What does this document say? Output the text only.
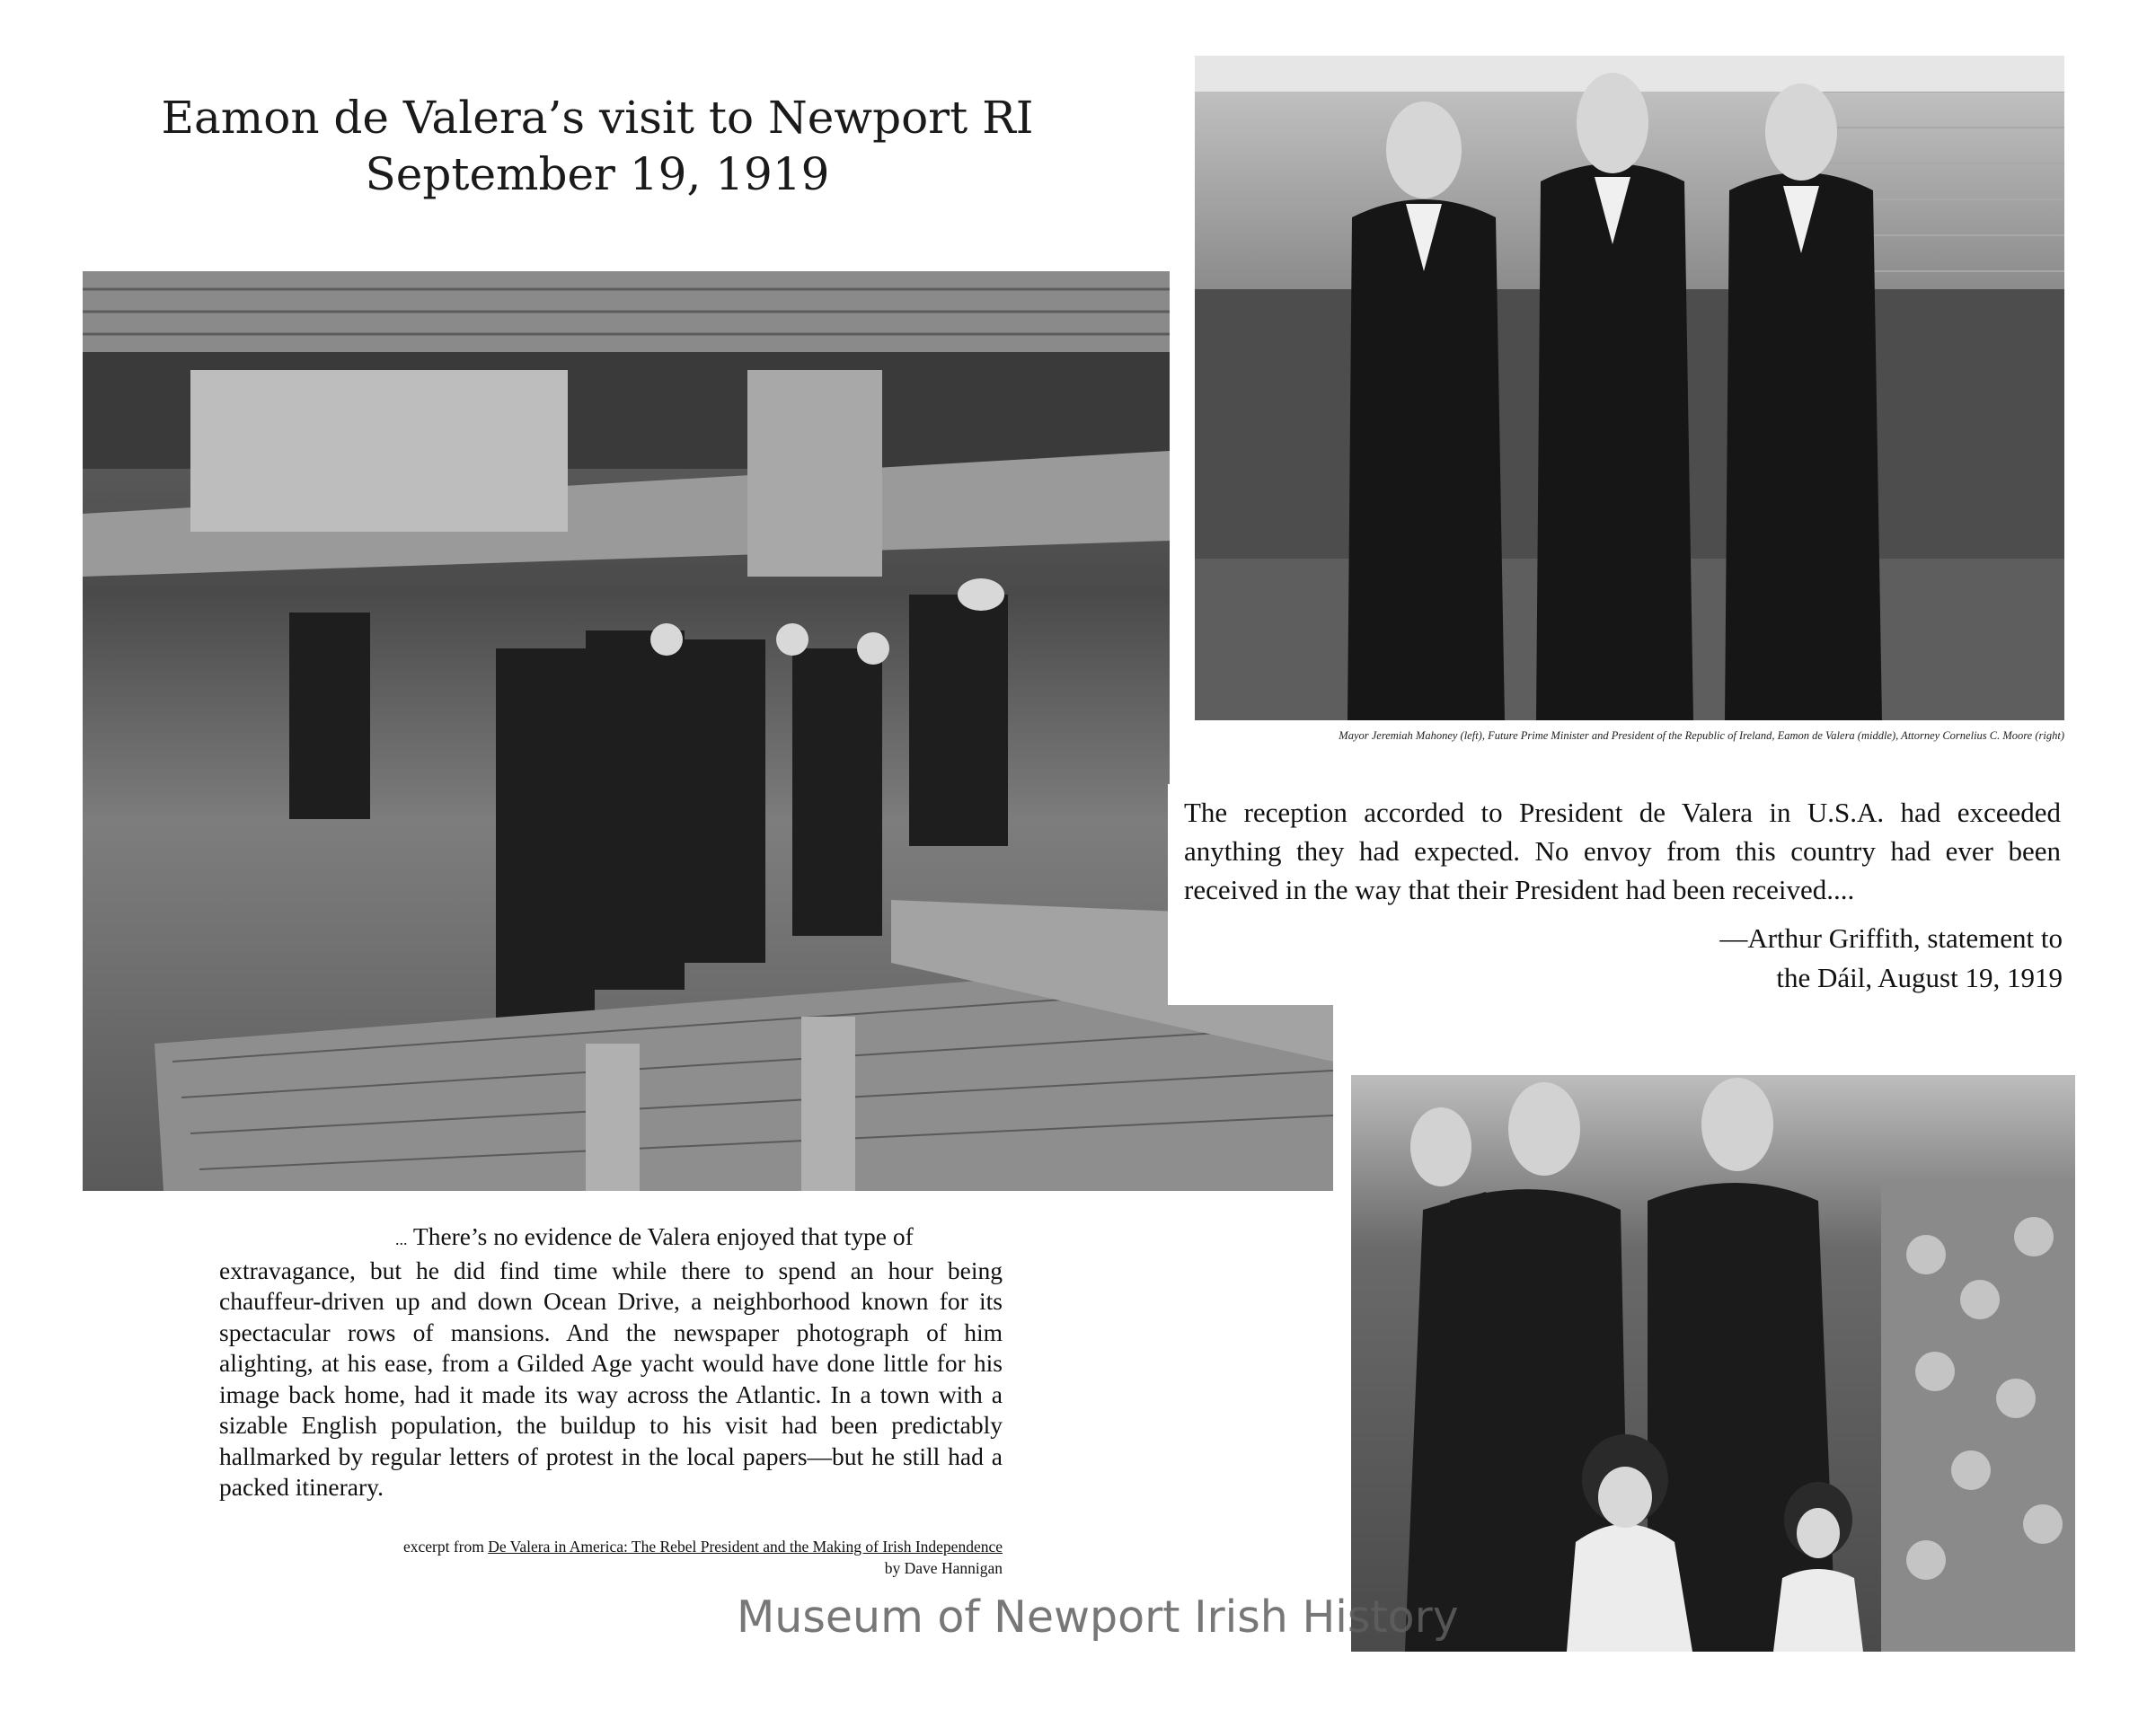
Eamon de Valera’s visit to Newport RI
September 19, 1919
Mayor Jeremiah Mahoney (left), Future Prime Minister and President of the Republic of Ireland, Eamon de Valera (middle), Attorney Cornelius C. Moore (right)
The reception accorded to President de Valera in U.S.A. had exceeded anything they had expected. No envoy from this country had ever been received in the way that their President had been received....
—Arthur Griffith, statement to
the Dáil, August 19, 1919
... There’s no evidence de Valera enjoyed that type of
extravagance, but he did find time while there to spend an hour being chauffeur-driven up and down Ocean Drive, a neighborhood known for its spectacular rows of mansions. And the newspaper photograph of him alighting, at his ease, from a Gilded Age yacht would have done little for his image back home, had it made its way across the Atlantic. In a town with a sizable English population, the buildup to his visit had been predictably hallmarked by regular letters of protest in the local papers—but he still had a packed itinerary.
excerpt from De Valera in America: The Rebel President and the Making of Irish Independence
by Dave Hannigan
Museum of Newport Irish History
